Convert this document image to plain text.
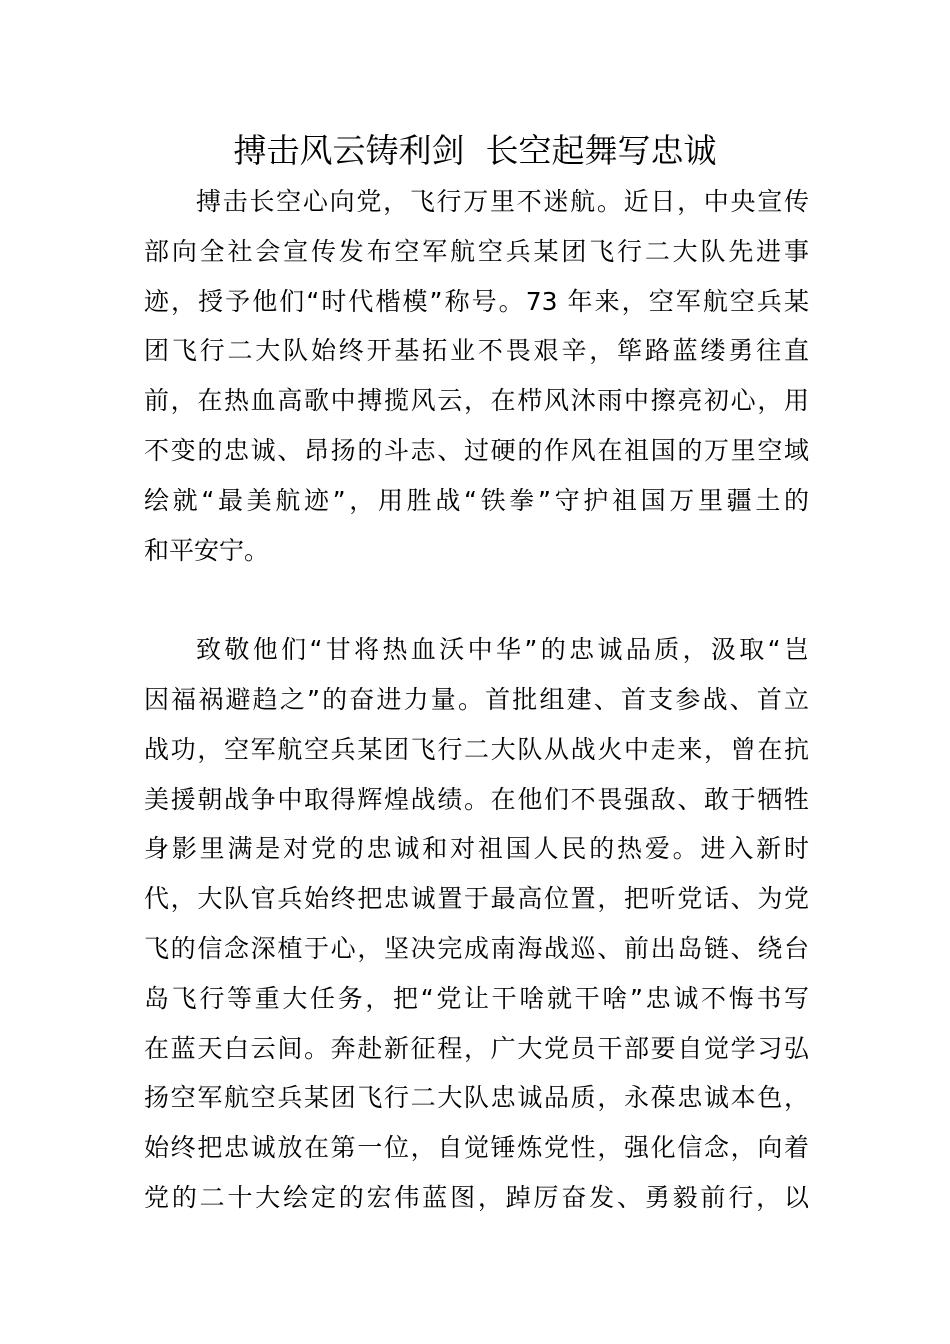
搏击风云铸利剑  长空起舞写忠诚
搏击长空心向党，飞行万里不迷航。近日，中央宣传
部向全社会宣传发布空军航空兵某团飞行二大队先进事
迹，授予他们“时代楷模”称号。73 年来，空军航空兵某
团飞行二大队始终开基拓业不畏艰辛，筚路蓝缕勇往直
前，在热血高歌中搏揽风云，在栉风沐雨中擦亮初心，用
不变的忠诚、昂扬的斗志、过硬的作风在祖国的万里空域
绘就“最美航迹”，用胜战“铁拳”守护祖国万里疆土的
和平安宁。
致敬他们“甘将热血沃中华”的忠诚品质，汲取“岂
因福祸避趋之”的奋进力量。首批组建、首支参战、首立
战功，空军航空兵某团飞行二大队从战火中走来，曾在抗
美援朝战争中取得辉煌战绩。在他们不畏强敌、敢于牺牲
身影里满是对党的忠诚和对祖国人民的热爱。进入新时
代，大队官兵始终把忠诚置于最高位置，把听党话、为党
飞的信念深植于心，坚决完成南海战巡、前出岛链、绕台
岛飞行等重大任务，把“党让干啥就干啥”忠诚不悔书写
在蓝天白云间。奔赴新征程，广大党员干部要自觉学习弘
扬空军航空兵某团飞行二大队忠诚品质，永葆忠诚本色，
始终把忠诚放在第一位，自觉锤炼党性，强化信念，向着
党的二十大绘定的宏伟蓝图，踔厉奋发、勇毅前行，以
